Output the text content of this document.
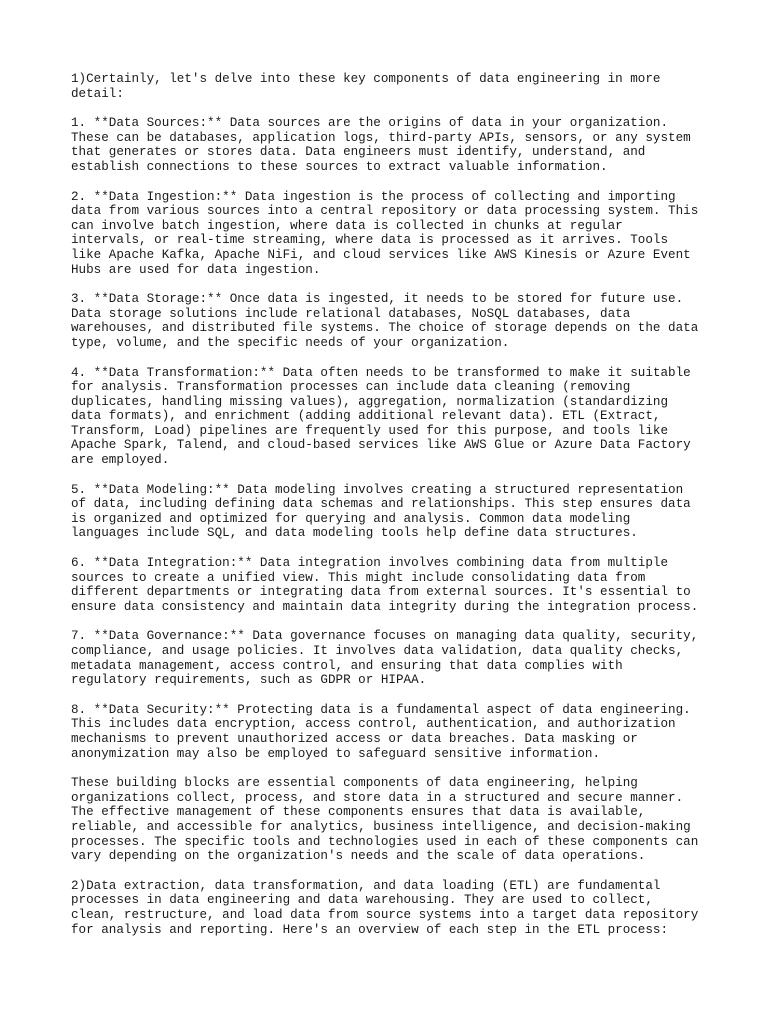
1)Certainly, let's delve into these key components of data engineering in more
detail:

1. **Data Sources:** Data sources are the origins of data in your organization.
These can be databases, application logs, third-party APIs, sensors, or any system
that generates or stores data. Data engineers must identify, understand, and
establish connections to these sources to extract valuable information.

2. **Data Ingestion:** Data ingestion is the process of collecting and importing
data from various sources into a central repository or data processing system. This
can involve batch ingestion, where data is collected in chunks at regular
intervals, or real-time streaming, where data is processed as it arrives. Tools
like Apache Kafka, Apache NiFi, and cloud services like AWS Kinesis or Azure Event
Hubs are used for data ingestion.

3. **Data Storage:** Once data is ingested, it needs to be stored for future use.
Data storage solutions include relational databases, NoSQL databases, data
warehouses, and distributed file systems. The choice of storage depends on the data
type, volume, and the specific needs of your organization.

4. **Data Transformation:** Data often needs to be transformed to make it suitable
for analysis. Transformation processes can include data cleaning (removing
duplicates, handling missing values), aggregation, normalization (standardizing
data formats), and enrichment (adding additional relevant data). ETL (Extract,
Transform, Load) pipelines are frequently used for this purpose, and tools like
Apache Spark, Talend, and cloud-based services like AWS Glue or Azure Data Factory
are employed.

5. **Data Modeling:** Data modeling involves creating a structured representation
of data, including defining data schemas and relationships. This step ensures data
is organized and optimized for querying and analysis. Common data modeling
languages include SQL, and data modeling tools help define data structures.

6. **Data Integration:** Data integration involves combining data from multiple
sources to create a unified view. This might include consolidating data from
different departments or integrating data from external sources. It's essential to
ensure data consistency and maintain data integrity during the integration process.

7. **Data Governance:** Data governance focuses on managing data quality, security,
compliance, and usage policies. It involves data validation, data quality checks,
metadata management, access control, and ensuring that data complies with
regulatory requirements, such as GDPR or HIPAA.

8. **Data Security:** Protecting data is a fundamental aspect of data engineering.
This includes data encryption, access control, authentication, and authorization
mechanisms to prevent unauthorized access or data breaches. Data masking or
anonymization may also be employed to safeguard sensitive information.

These building blocks are essential components of data engineering, helping
organizations collect, process, and store data in a structured and secure manner.
The effective management of these components ensures that data is available,
reliable, and accessible for analytics, business intelligence, and decision-making
processes. The specific tools and technologies used in each of these components can
vary depending on the organization's needs and the scale of data operations.

2)Data extraction, data transformation, and data loading (ETL) are fundamental
processes in data engineering and data warehousing. They are used to collect,
clean, restructure, and load data from source systems into a target data repository
for analysis and reporting. Here's an overview of each step in the ETL process:
